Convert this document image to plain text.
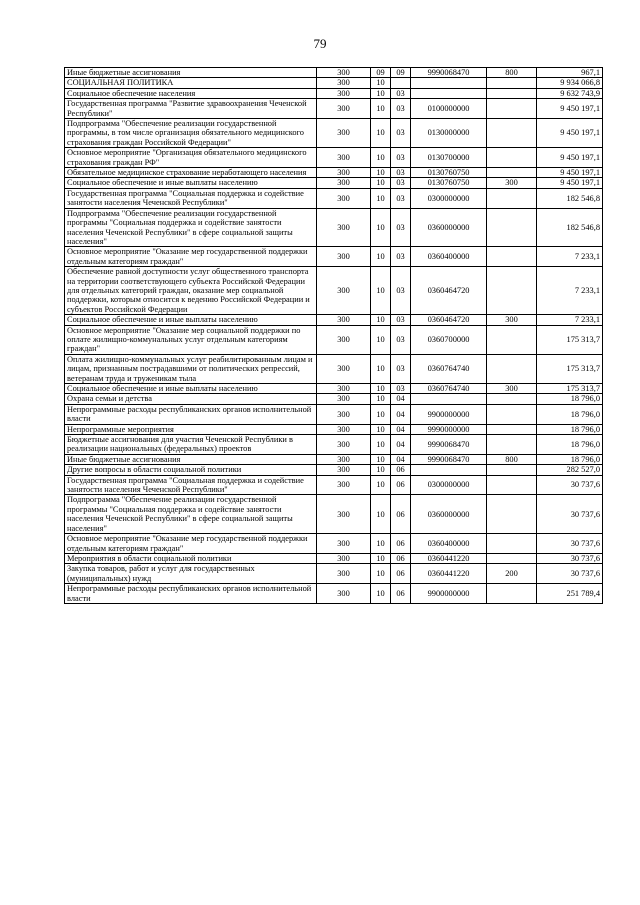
79
Иные бюджетные ассигнования	300	09	09	9990068470	800	967,1
СОЦИАЛЬНАЯ ПОЛИТИКА	300	10				9 934 066,8
Социальное обеспечение населения	300	10	03			9 632 743,9
Государственная программа "Развитие здравоохранения Чеченской Республики"	300	10	03	0100000000		9 450 197,1
Подпрограмма "Обеспечение реализации государственной программы, в том числе организация обязательного медицинского страхования граждан Российской Федерации"	300	10	03	0130000000		9 450 197,1
Основное мероприятие "Организация обязательного медицинского страхования граждан РФ"	300	10	03	0130700000		9 450 197,1
Обязательное медицинское страхование неработающего населения	300	10	03	0130760750		9 450 197,1
Социальное обеспечение и иные выплаты населению	300	10	03	0130760750	300	9 450 197,1
Государственная программа "Социальная поддержка и содействие занятости населения Чеченской Республики"	300	10	03	0300000000		182 546,8
Подпрограмма "Обеспечение реализации государственной программы "Социальная поддержка и содействие занятости населения Чеченской Республики" в сфере социальной защиты населения"	300	10	03	0360000000		182 546,8
Основное мероприятие "Оказание мер государственной поддержки отдельным категориям граждан"	300	10	03	0360400000		7 233,1
Обеспечение равной доступности услуг общественного транспорта на территории соответствующего субъекта Российской Федерации для отдельных категорий граждан, оказание мер социальной поддержки, которым относится к ведению Российской Федерации и субъектов Российской Федерации	300	10	03	0360464720		7 233,1
Социальное обеспечение и иные выплаты населению	300	10	03	0360464720	300	7 233,1
Основное мероприятие "Оказание мер социальной поддержки по оплате жилищно-коммунальных услуг отдельным категориям граждан"	300	10	03	0360700000		175 313,7
Оплата жилищно-коммунальных услуг реабилитированным лицам и лицам, признанным пострадавшими от политических репрессий, ветеранам труда и труженикам тыла	300	10	03	0360764740		175 313,7
Социальное обеспечение и иные выплаты населению	300	10	03	0360764740	300	175 313,7
Охрана семьи и детства	300	10	04			18 796,0
Непрограммные расходы республиканских органов исполнительной власти	300	10	04	9900000000		18 796,0
Непрограммные мероприятия	300	10	04	9990000000		18 796,0
Бюджетные ассигнования для участия Чеченской Республики в реализации национальных (федеральных) проектов	300	10	04	9990068470		18 796,0
Иные бюджетные ассигнования	300	10	04	9990068470	800	18 796,0
Другие вопросы в области социальной политики	300	10	06			282 527,0
Государственная программа "Социальная поддержка и содействие занятости населения Чеченской Республики"	300	10	06	0300000000		30 737,6
Подпрограмма "Обеспечение реализации государственной программы "Социальная поддержка и содействие занятости населения Чеченской Республики" в сфере социальной защиты населения"	300	10	06	0360000000		30 737,6
Основное мероприятие "Оказание мер государственной поддержки отдельным категориям граждан"	300	10	06	0360400000		30 737,6
Мероприятия в области социальной политики	300	10	06	0360441220		30 737,6
Закупка товаров, работ и услуг для государственных (муниципальных) нужд	300	10	06	0360441220	200	30 737,6
Непрограммные расходы республиканских органов исполнительной власти	300	10	06	9900000000		251 789,4
